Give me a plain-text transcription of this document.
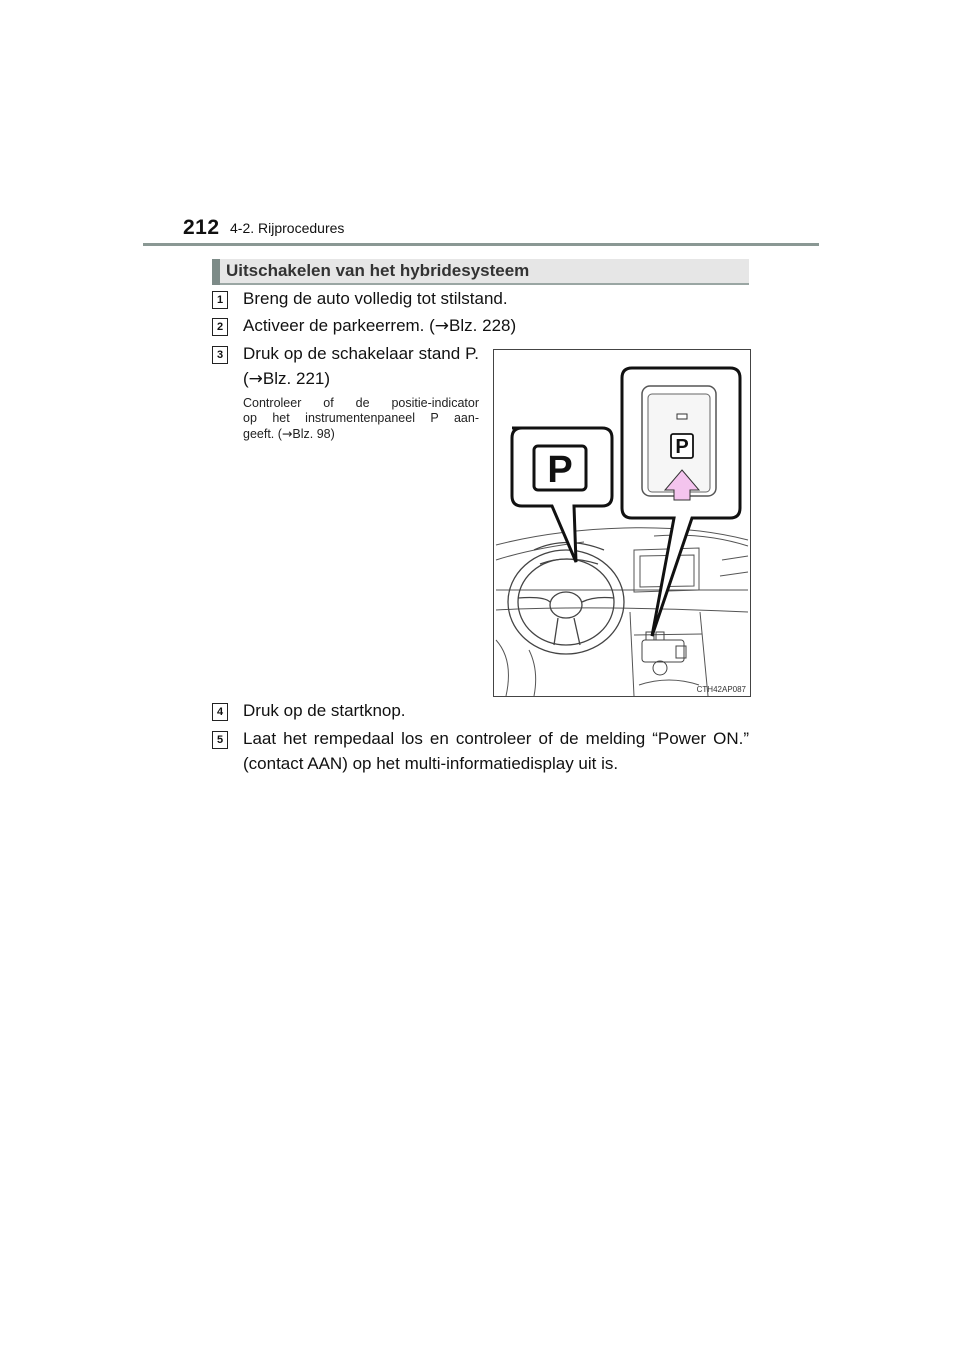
212 4-2. Rijprocedures
Uitschakelen van het hybridesysteem
1 Breng de auto volledig tot stilstand.
2 Activeer de parkeerrem. (→Blz. 228)
3 Druk op de schakelaar stand P.
(→Blz. 221)
Controleer of de positie-indicator
op het instrumentenpaneel P aan-
geeft. (→Blz. 98)
P
P
CTH42AP087
4 Druk op de startknop.
5 Laat het rempedaal los en controleer of de melding “Power ON.”
(contact AAN) op het multi-informatiedisplay uit is.
